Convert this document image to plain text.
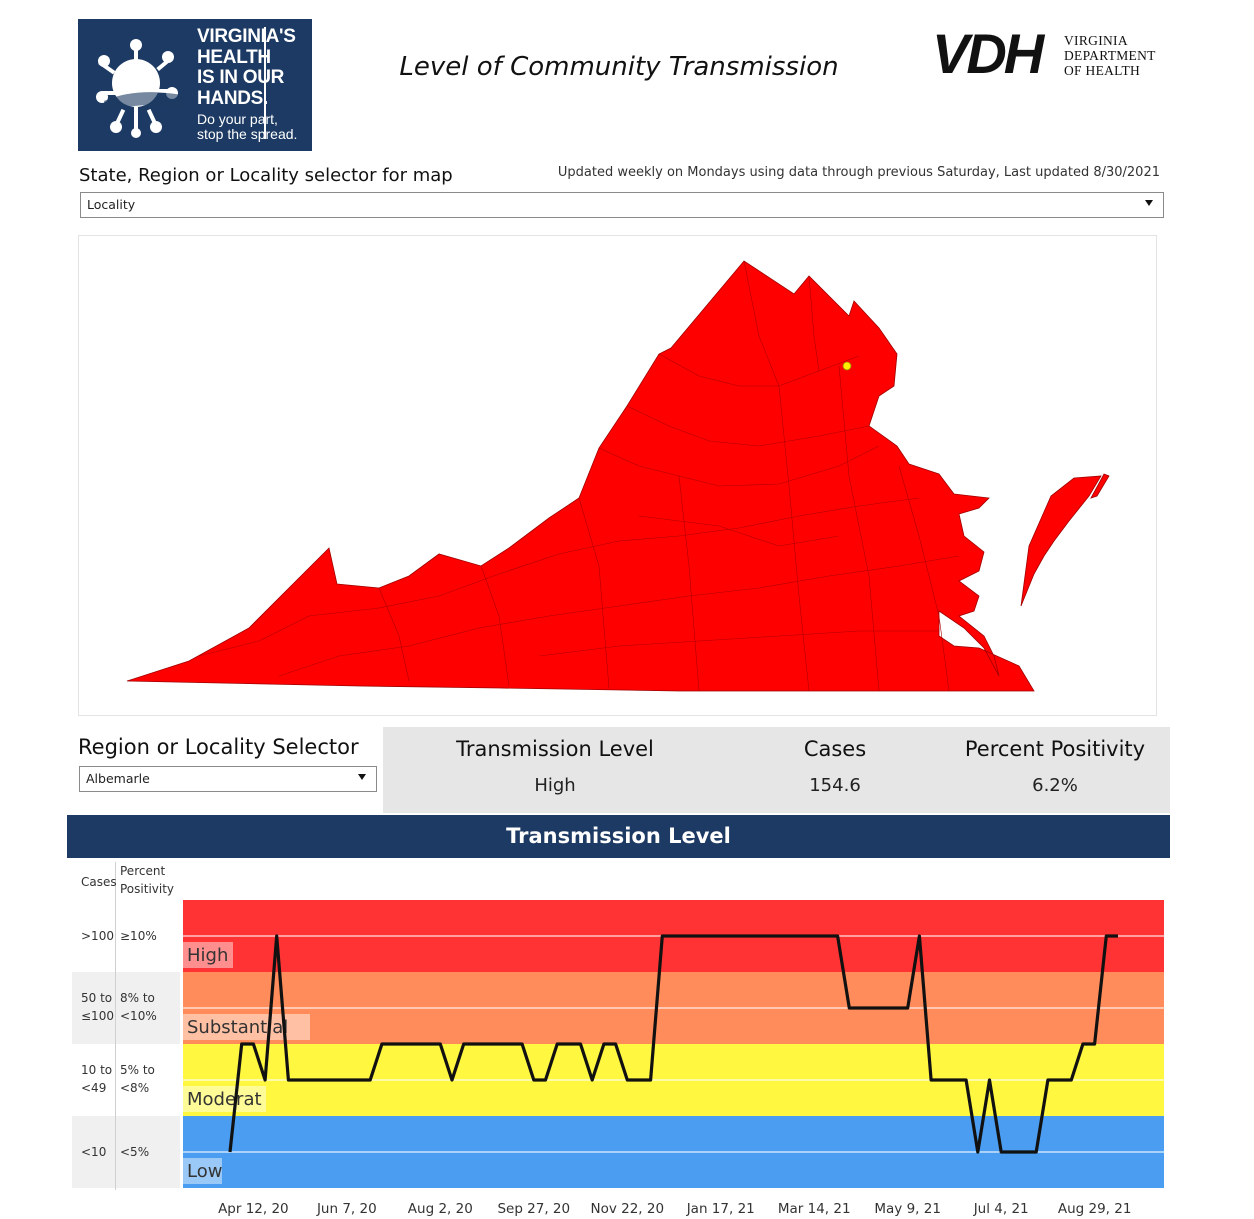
VIRGINIA'S
HEALTH
IS IN OUR
HANDS.
Do your part,
stop the spread.
Level of Community Transmission	VDH VIRGINIA
DEPARTMENT
OF HEALTH
State, Region or Locality selector for map	Updated weekly on Mondays using data through previous Saturday, Last updated 8/30/2021
Locality
Region or Locality Selector
Albemarle
Transmission Level
High
Cases
154.6
Percent Positivity
6.2%
Transmission Level
Cases
Percent
Positivity
>100 ≥10%
50 to
≤100
8% to
<10%
10 to
<49
5% to
<8%
<10 <5%
High
Substantial
Moderat
Low
Apr 12, 20 Jun 7, 20 Aug 2, 20 Sep 27, 20 Nov 22, 20 Jan 17, 21 Mar 14, 21 May 9, 21 Jul 4, 21 Aug 29, 21
